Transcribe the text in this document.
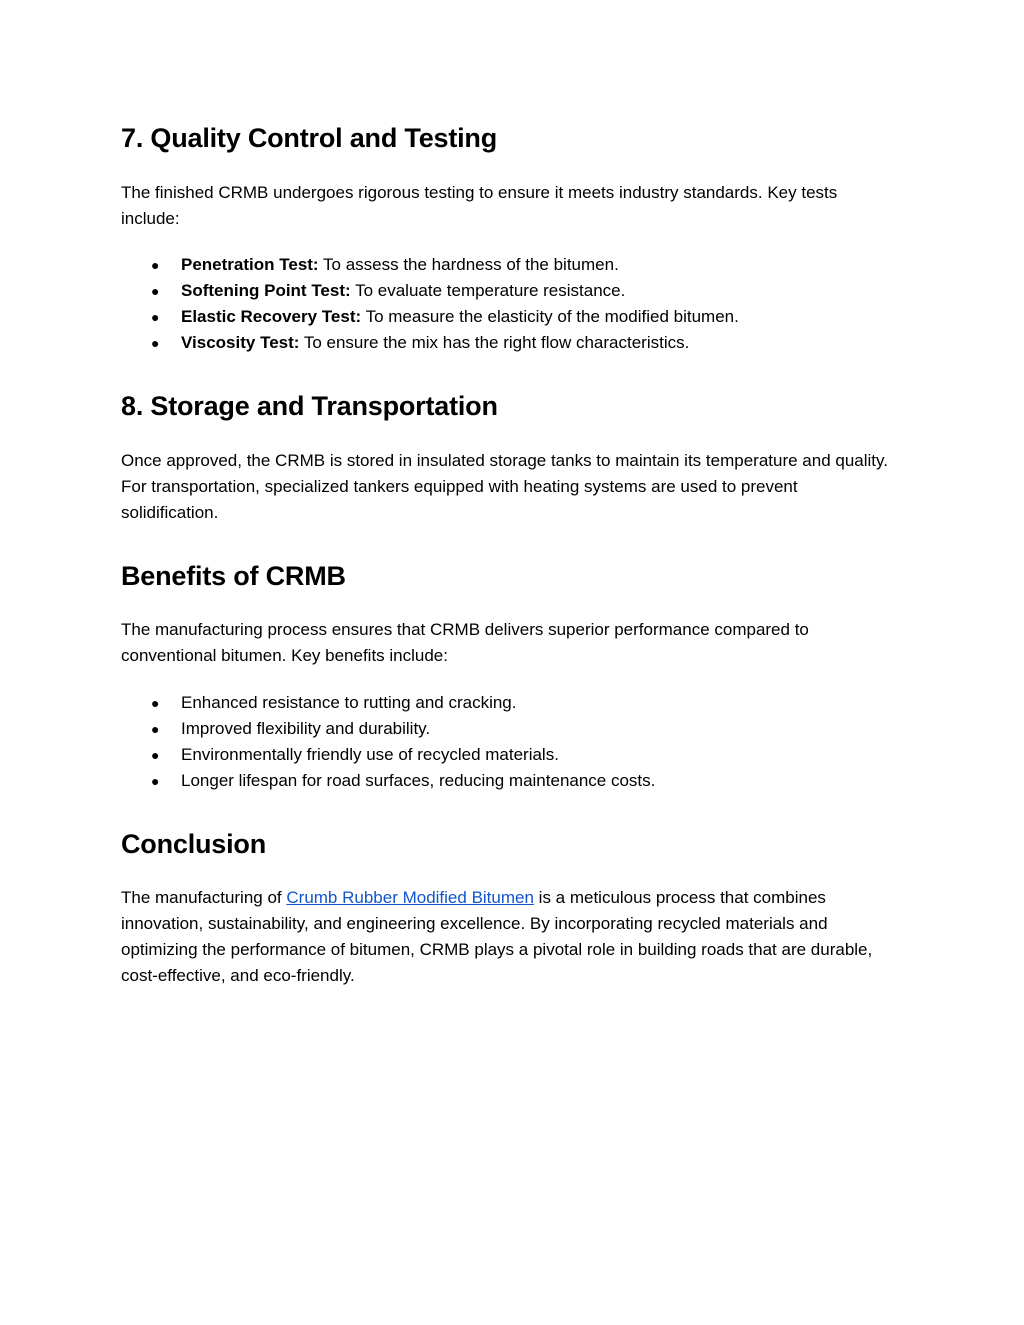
7. Quality Control and Testing

The finished CRMB undergoes rigorous testing to ensure it meets industry standards. Key tests include:

● Penetration Test: To assess the hardness of the bitumen.
● Softening Point Test: To evaluate temperature resistance.
● Elastic Recovery Test: To measure the elasticity of the modified bitumen.
● Viscosity Test: To ensure the mix has the right flow characteristics.
8. Storage and Transportation

Once approved, the CRMB is stored in insulated storage tanks to maintain its temperature and quality. For transportation, specialized tankers equipped with heating systems are used to prevent solidification.

Benefits of CRMB

The manufacturing process ensures that CRMB delivers superior performance compared to conventional bitumen. Key benefits include:

● Enhanced resistance to rutting and cracking.
● Improved flexibility and durability.
● Environmentally friendly use of recycled materials.
● Longer lifespan for road surfaces, reducing maintenance costs.
Conclusion

The manufacturing of Crumb Rubber Modified Bitumen is a meticulous process that combines innovation, sustainability, and engineering excellence. By incorporating recycled materials and optimizing the performance of bitumen, CRMB plays a pivotal role in building roads that are durable, cost-effective, and eco-friendly.
